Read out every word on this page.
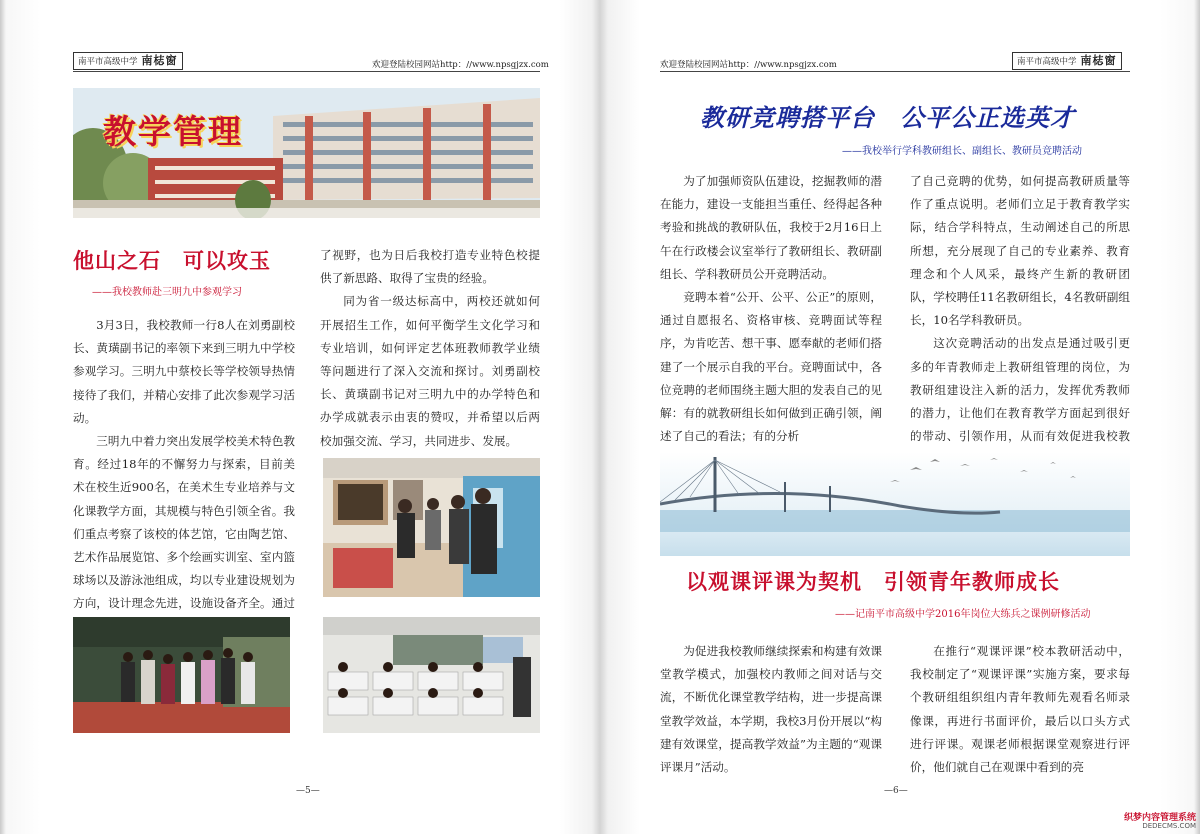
南平市高级中学 南梽窗	欢迎登陆校园网站http：//www.npsgjzx.com
教学管理
他山之石　可以攻玉
——我校教师赴三明九中参观学习

3月3日，我校教师一行8人在刘勇副校长、黄璜副书记的率领下来到三明九中学校参观学习。三明九中蔡校长等学校领导热情接待了我们，并精心安排了此次参观学习活动。

三明九中着力突出发展学校美术特色教育。经过18年的不懈努力与探索，目前美术在校生近900名，在美术生专业培养与文化课教学方面，其规模与特色引领全省。我们重点考察了该校的体艺馆，它由陶艺馆、艺术作品展览馆、多个绘画实训室、室内篮球场以及游泳池组成，均以专业建设规划为方向，设计理念先进，设施设备齐全。通过

了视野，也为日后我校打造专业特色校提供了新思路、取得了宝贵的经验。

同为省一级达标高中，两校还就如何开展招生工作，如何平衡学生文化学习和专业培训，如何评定艺体班教师教学业绩等问题进行了深入交流和探讨。刘勇副校长、黄璜副书记对三明九中的办学特色和办学成就表示由衷的赞叹，并希望以后两校加强交流、学习，共同进步、发展。

—5—
欢迎登陆校园网站http：//www.npsgjzx.com	南平市高级中学 南梽窗
教研竞聘搭平台　公平公正选英才
——我校举行学科教研组长、副组长、教研员竞聘活动

为了加强师资队伍建设，挖掘教师的潜在能力，建设一支能担当重任、经得起各种考验和挑战的教研队伍，我校于2月16日上午在行政楼会议室举行了教研组长、教研副组长、学科教研员公开竞聘活动。

竞聘本着“公开、公平、公正”的原则，通过自愿报名、资格审核、竞聘面试等程序，为肯吃苦、想干事、愿奉献的老师们搭建了一个展示自我的平台。竞聘面试中，各位竞聘的老师围绕主题大胆的发表自己的见解：有的就教研组长如何做到正确引领，阐述了自己的看法；有的分析

了自己竞聘的优势，如何提高教研质量等作了重点说明。老师们立足于教育教学实际，结合学科特点，生动阐述自己的所思所想，充分展现了自己的专业素养、教育理念和个人风采，最终产生新的教研团队，学校聘任11名教研组长，4名教研副组长，10名学科教研员。

这次竞聘活动的出发点是通过吸引更多的年青教师走上教研组管理的岗位，为教研组建设注入新的活力，发挥优秀教师的潜力，让他们在教育教学方面起到很好的带动、引领作用，从而有效促进我校教

以观课评课为契机　引领青年教师成长
——记南平市高级中学2016年岗位大练兵之课例研修活动

为促进我校教师继续探索和构建有效课堂教学模式，加强校内教师之间对话与交流，不断优化课堂教学结构，进一步提高课堂教学效益，本学期，我校3月份开展以“构建有效课堂，提高教学效益”为主题的“观课评课月”活动。

在推行“观课评课”校本教研活动中，我校制定了“观课评课”实施方案，要求每个教研组组织组内青年教师先观看名师录像课，再进行书面评价，最后以口头方式进行评课。观课老师根据课堂观察进行评价，他们就自己在观课中看到的亮

—6—
织梦内容管理系统
DEDECMS.COM
